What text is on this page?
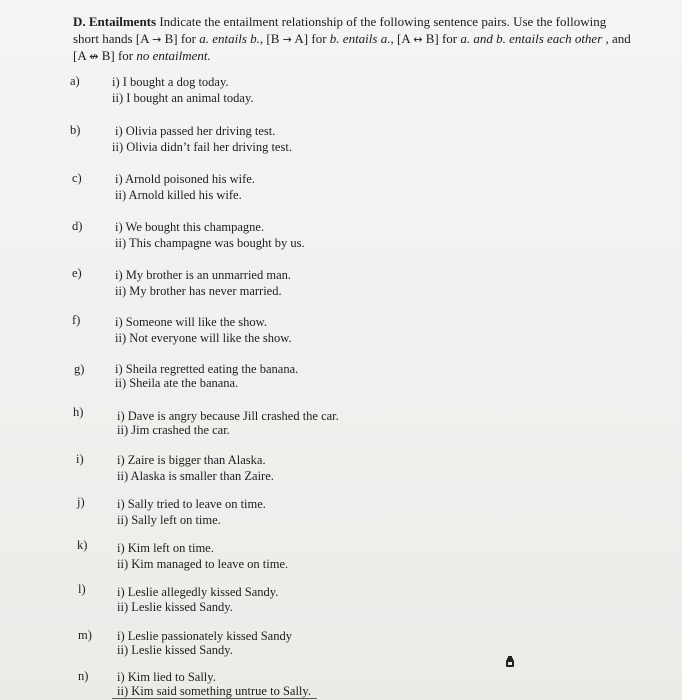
D. Entailments Indicate the entailment relationship of the following sentence pairs. Use the following short hands [A → B] for a. entails b., [B → A] for b. entails a., [A ↔ B] for a. and b. entails each other , and [A ↮ B] for no entailment.
a)	i) I bought a dog today.
ii) I bought an animal today.
b)	i) Olivia passed her driving test.
ii) Olivia didn’t fail her driving test.
c)	i) Arnold poisoned his wife.
ii) Arnold killed his wife.
d)	i) We bought this champagne.
ii) This champagne was bought by us.
e)	i) My brother is an unmarried man.
ii) My brother has never married.
f)	i) Someone will like the show.
ii) Not everyone will like the show.
g) i) Sheila regretted eating the banana.
ii) Sheila ate the banana.
h)	i) Dave is angry because Jill crashed the car.
ii) Jim crashed the car.
i)	i) Zaire is bigger than Alaska.
ii) Alaska is smaller than Zaire.
j)	i) Sally tried to leave on time.
ii) Sally left on time.
k) i) Kim left on time.
ii) Kim managed to leave on time.
l)	i) Leslie allegedly kissed Sandy.
ii) Leslie kissed Sandy.
m) i) Leslie passionately kissed Sandy
ii) Leslie kissed Sandy.
n) i) Kim lied to Sally.
ii) Kim said something untrue to Sally.
